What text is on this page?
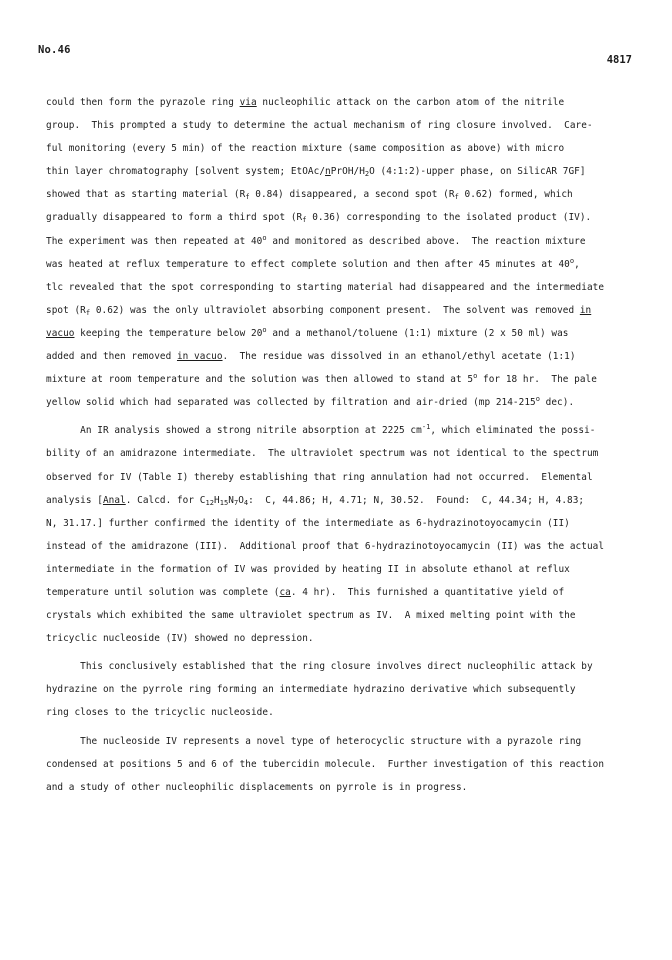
No.46
4817
could then form the pyrazole ring via nucleophilic attack on the carbon atom of the nitrile
group.  This prompted a study to determine the actual mechanism of ring closure involved.  Care-
ful monitoring (every 5 min) of the reaction mixture (same composition as above) with micro
thin layer chromatography [solvent system; EtOAc/$nPrOH/H_2O$ (4:1:2)-upper phase, on SilicAR 7GF]
showed that as starting material ($R_f$ 0.84) disappeared, a second spot ($R_f$ 0.62) formed, which
gradually disappeared to form a third spot ($R_f$ 0.36) corresponding to the isolated product (IV).
The experiment was then repeated at 40$^o$ and monitored as described above.  The reaction mixture
was heated at reflux temperature to effect complete solution and then after 45 minutes at 40$^o$,
tlc revealed that the spot corresponding to starting material had disappeared and the intermediate
spot ($R_f$ 0.62) was the only ultraviolet absorbing component present.  The solvent was removed in
vacuo keeping the temperature below 20$^o$ and a methanol/toluene (1:1) mixture (2 x 50 ml) was
added and then removed in vacuo.  The residue was dissolved in an ethanol/ethyl acetate (1:1)
mixture at room temperature and the solution was then allowed to stand at 5$^o$ for 18 hr.  The pale
yellow solid which had separated was collected by filtration and air-dried (mp 214-215$^o$ dec).
An IR analysis showed a strong nitrile absorption at 2225 $cm^{-1}$, which eliminated the possi-
bility of an amidrazone intermediate.  The ultraviolet spectrum was not identical to the spectrum
observed for IV (Table I) thereby establishing that ring annulation had not occurred.  Elemental
analysis [Anal. Calcd. for $C_{12}H_{15}N_7O_4$:  C, 44.86; H, 4.71; N, 30.52.  Found:  C, 44.34; H, 4.83;
N, 31.17.] further confirmed the identity of the intermediate as 6-hydrazinotoyocamycin (II)
instead of the amidrazone (III).  Additional proof that 6-hydrazinotoyocamycin (II) was the actual
intermediate in the formation of IV was provided by heating II in absolute ethanol at reflux
temperature until solution was complete (ca. 4 hr).  This furnished a quantitative yield of
crystals which exhibited the same ultraviolet spectrum as IV.  A mixed melting point with the
tricyclic nucleoside (IV) showed no depression.
This conclusively established that the ring closure involves direct nucleophilic attack by
hydrazine on the pyrrole ring forming an intermediate hydrazino derivative which subsequently
ring closes to the tricyclic nucleoside.
The nucleoside IV represents a novel type of heterocyclic structure with a pyrazole ring
condensed at positions 5 and 6 of the tubercidin molecule.  Further investigation of this reaction
and a study of other nucleophilic displacements on pyrrole is in progress.
